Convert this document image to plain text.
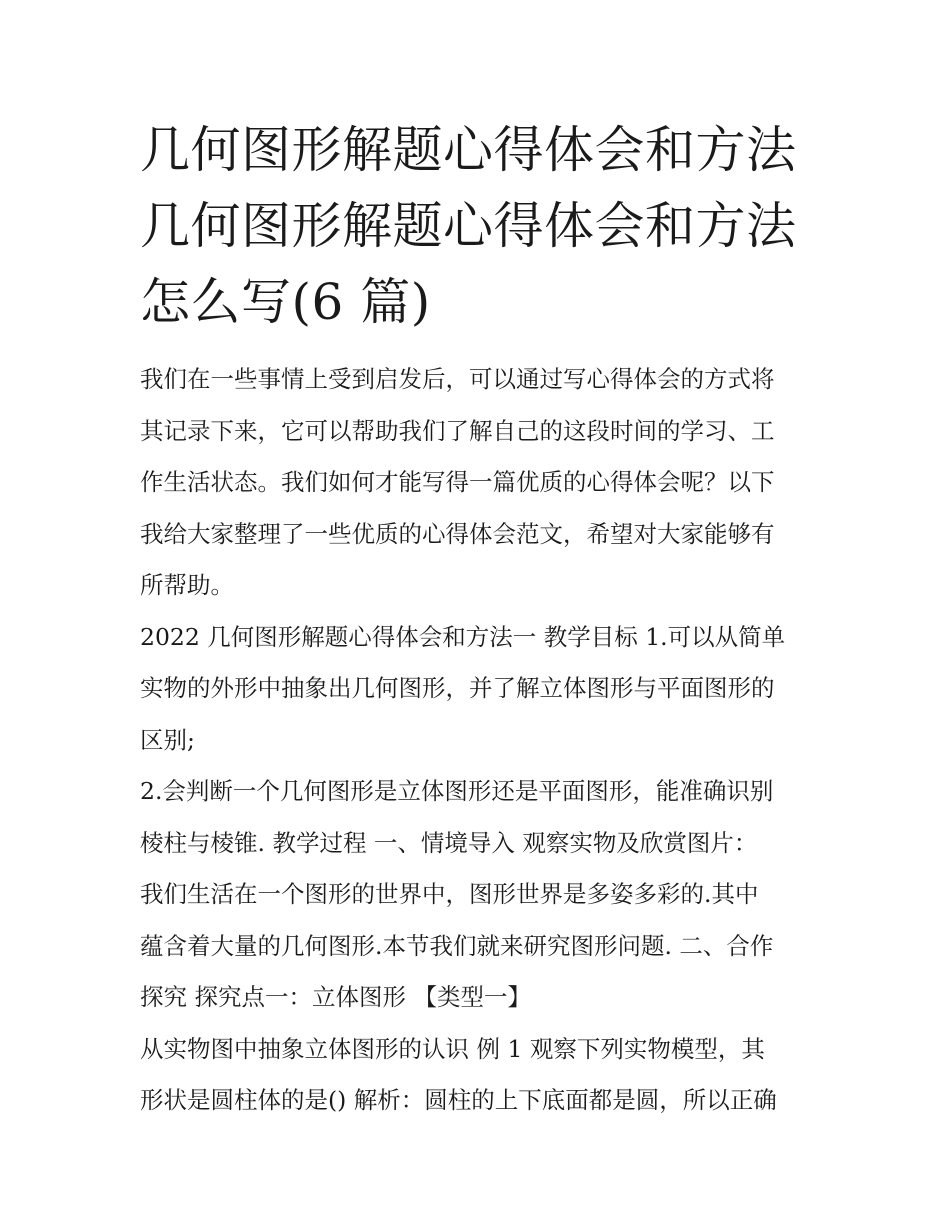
几何图形解题心得体会和方法
几何图形解题心得体会和方法
怎么写(6 篇)

我们在一些事情上受到启发后，可以通过写心得体会的方式将
其记录下来，它可以帮助我们了解自己的这段时间的学习、工
作生活状态。我们如何才能写得一篇优质的心得体会呢？以下
我给大家整理了一些优质的心得体会范文，希望对大家能够有
所帮助。

2022 几何图形解题心得体会和方法一 教学目标 1.可以从简单
实物的外形中抽象出几何图形，并了解立体图形与平面图形的
区别;

2.会判断一个几何图形是立体图形还是平面图形，能准确识别
棱柱与棱锥. 教学过程 一、情境导入 观察实物及欣赏图片：
我们生活在一个图形的世界中，图形世界是多姿多彩的.其中
蕴含着大量的几何图形.本节我们就来研究图形问题. 二、合作
探究 探究点一：立体图形 【类型一】

从实物图中抽象立体图形的认识 例 1 观察下列实物模型，其
形状是圆柱体的是() 解析：圆柱的上下底面都是圆，所以正确
